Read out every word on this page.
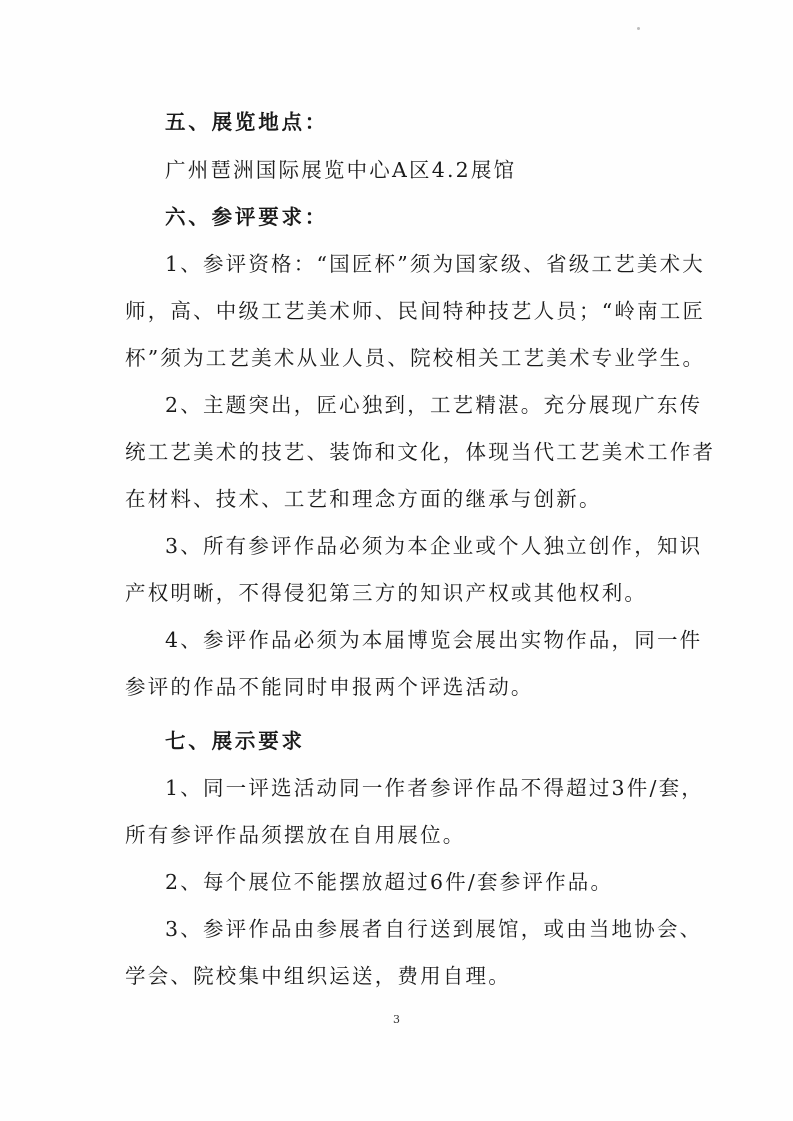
五、展览地点：
广州琶洲国际展览中心A区4.2展馆
六、参评要求：
1、参评资格：“国匠杯”须为国家级、省级工艺美术大
师，高、中级工艺美术师、民间特种技艺人员；“岭南工匠
杯”须为工艺美术从业人员、院校相关工艺美术专业学生。
2、主题突出，匠心独到，工艺精湛。充分展现广东传
统工艺美术的技艺、装饰和文化，体现当代工艺美术工作者
在材料、技术、工艺和理念方面的继承与创新。
3、所有参评作品必须为本企业或个人独立创作，知识
产权明晰，不得侵犯第三方的知识产权或其他权利。
4、参评作品必须为本届博览会展出实物作品，同一件
参评的作品不能同时申报两个评选活动。
七、展示要求
1、同一评选活动同一作者参评作品不得超过3件/套，
所有参评作品须摆放在自用展位。
2、每个展位不能摆放超过6件/套参评作品。
3、参评作品由参展者自行送到展馆，或由当地协会、
学会、院校集中组织运送，费用自理。
3
